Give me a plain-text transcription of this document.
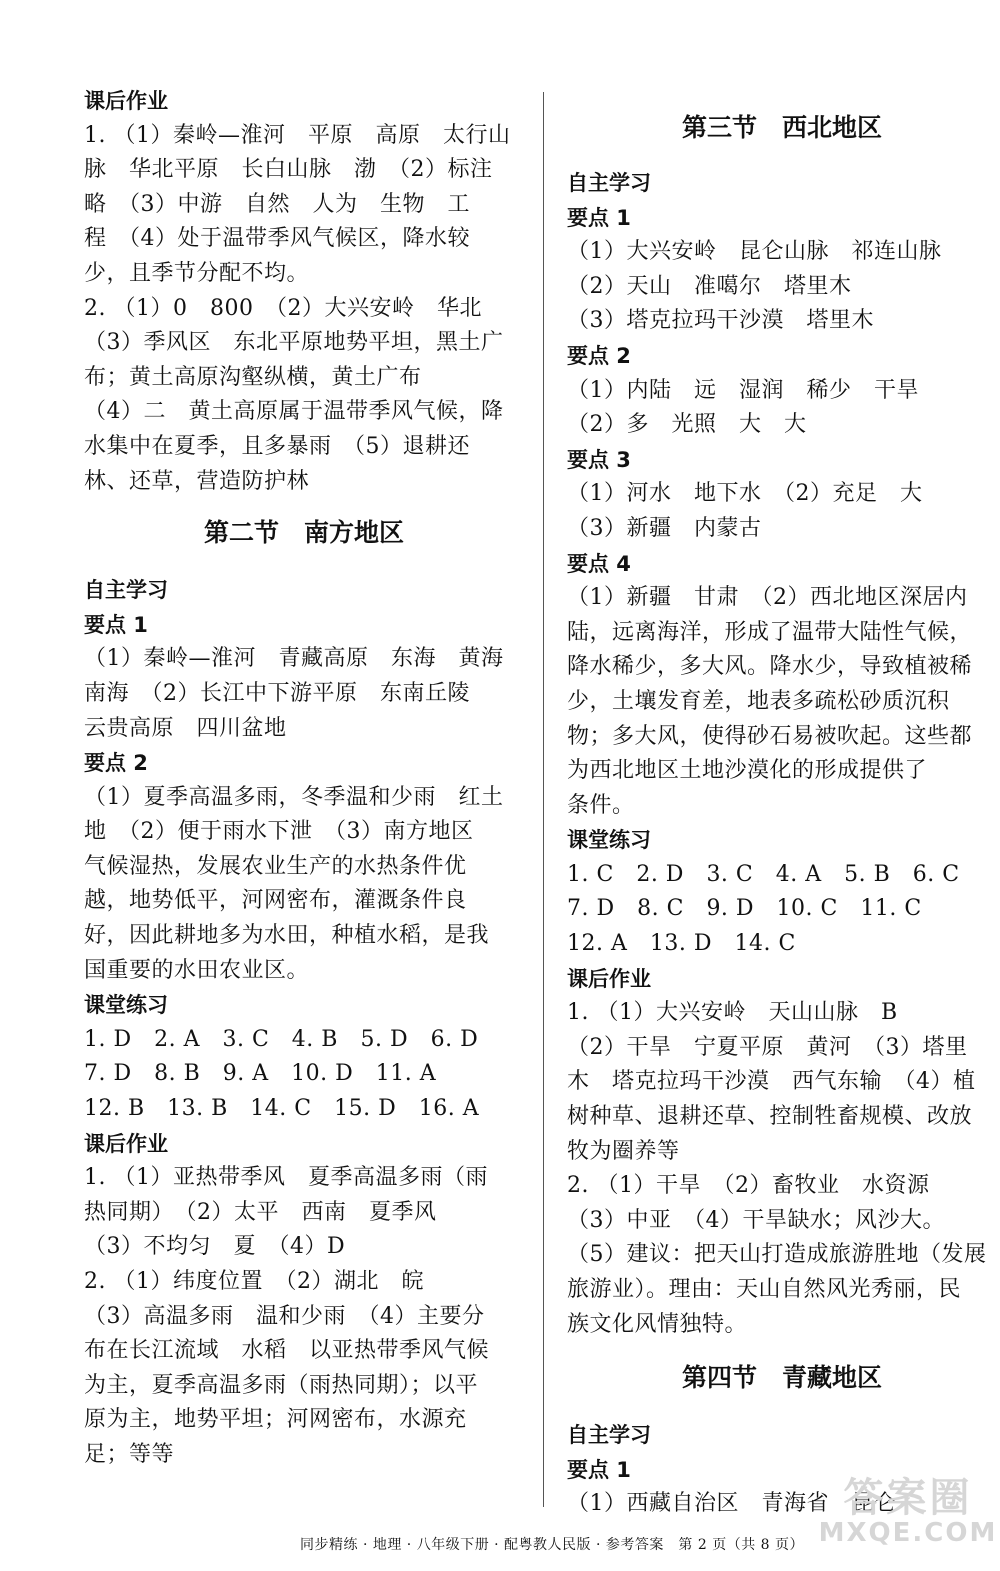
课后作业
1. （1）秦岭—淮河　平原　高原　太行山
脉　华北平原　长白山脉　渤　（2）标注
略　（3）中游　自然　人为　生物　工
程　（4）处于温带季风气候区，降水较
少，且季节分配不均。
2. （1）0　800　（2）大兴安岭　华北
（3）季风区　东北平原地势平坦，黑土广
布；黄土高原沟壑纵横，黄土广布
（4）二　黄土高原属于温带季风气候，降
水集中在夏季，且多暴雨　（5）退耕还
林、还草，营造防护林
第二节　南方地区
自主学习
要点 1
（1）秦岭—淮河　青藏高原　东海　黄海
南海　（2）长江中下游平原　东南丘陵
云贵高原　四川盆地
要点 2
（1）夏季高温多雨，冬季温和少雨　红土
地　（2）便于雨水下泄　（3）南方地区
气候湿热，发展农业生产的水热条件优
越，地势低平，河网密布，灌溉条件良
好，因此耕地多为水田，种植水稻，是我
国重要的水田农业区。
课堂练习
1. D　2. A　3. C　4. B　5. D　6. D
7. D　8. B　9. A　10. D　11. A
12. B　13. B　14. C　15. D　16. A
课后作业
1. （1）亚热带季风　夏季高温多雨（雨
热同期）　（2）太平　西南　夏季风
（3）不均匀　夏　（4）D
2. （1）纬度位置　（2）湖北　皖
（3）高温多雨　温和少雨　（4）主要分
布在长江流域　水稻　以亚热带季风气候
为主，夏季高温多雨（雨热同期）；以平
原为主，地势平坦；河网密布，水源充
足；等等
第三节　西北地区
自主学习
要点 1
（1）大兴安岭　昆仑山脉　祁连山脉
（2）天山　准噶尔　塔里木
（3）塔克拉玛干沙漠　塔里木
要点 2
（1）内陆　远　湿润　稀少　干旱
（2）多　光照　大　大
要点 3
（1）河水　地下水　（2）充足　大
（3）新疆　内蒙古
要点 4
（1）新疆　甘肃　（2）西北地区深居内
陆，远离海洋，形成了温带大陆性气候，
降水稀少，多大风。降水少，导致植被稀
少，土壤发育差，地表多疏松砂质沉积
物；多大风，使得砂石易被吹起。这些都
为西北地区土地沙漠化的形成提供了
条件。
课堂练习
1. C　2. D　3. C　4. A　5. B　6. C
7. D　8. C　9. D　10. C　11. C
12. A　13. D　14. C
课后作业
1. （1）大兴安岭　天山山脉　B
（2）干旱　宁夏平原　黄河　（3）塔里
木　塔克拉玛干沙漠　西气东输　（4）植
树种草、退耕还草、控制牲畜规模、改放
牧为圈养等
2. （1）干旱　（2）畜牧业　水资源
（3）中亚　（4）干旱缺水；风沙大。
（5）建议：把天山打造成旅游胜地（发展
旅游业）。理由：天山自然风光秀丽，民
族文化风情独特。
第四节　青藏地区
自主学习
要点 1
（1）西藏自治区　青海省　昆仑
同步精练 · 地理 · 八年级下册 · 配粤教人民版 · 参考答案　第 2 页（共 8 页）
答案圈
MXQE.COM
